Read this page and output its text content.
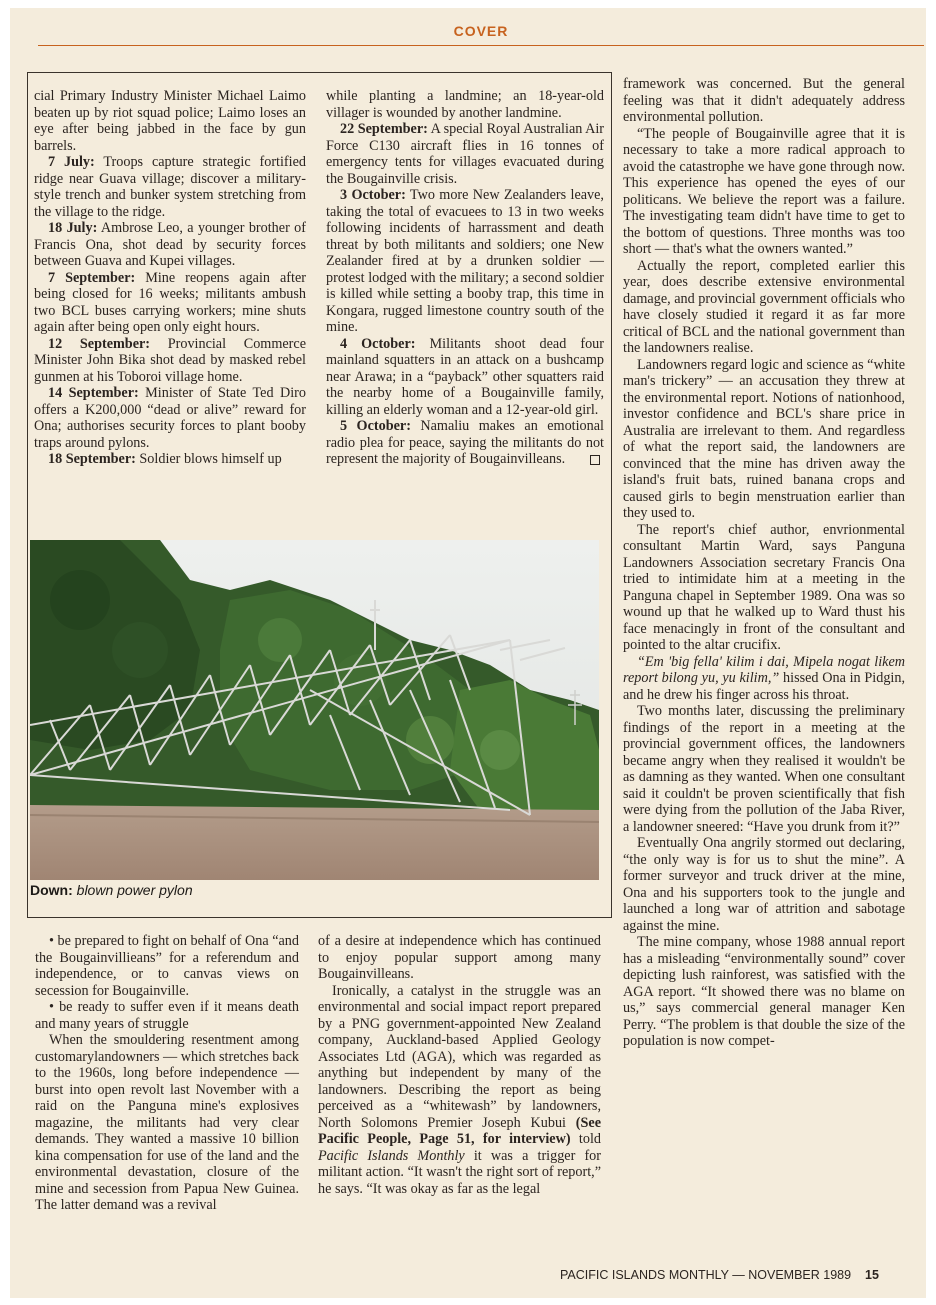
COVER

cial Primary Industry Minister Michael Laimo beaten up by riot squad police; Laimo loses an eye after being jabbed in the face by gun barrels.

7 July: Troops capture strategic fortified ridge near Guava village; discover a military-style trench and bunker system stretching from the village to the ridge.

18 July: Ambrose Leo, a younger brother of Francis Ona, shot dead by security forces between Guava and Kupei villages.

7 September: Mine reopens again after being closed for 16 weeks; militants ambush two BCL buses carrying workers; mine shuts again after being open only eight hours.

12 September: Provincial Commerce Minister John Bika shot dead by masked rebel gunmen at his Toboroi village home.

14 September: Minister of State Ted Diro offers a K200,000 “dead or alive” reward for Ona; authorises security forces to plant booby traps around pylons.

18 September: Soldier blows himself up

while planting a landmine; an 18-year-old villager is wounded by another landmine.

22 September: A special Royal Australian Air Force C130 aircraft flies in 16 tonnes of emergency tents for villages evacuated during the Bougainville crisis.

3 October: Two more New Zealanders leave, taking the total of evacuees to 13 in two weeks following incidents of harrassment and death threat by both militants and soldiers; one New Zealander fired at by a drunken soldier — protest lodged with the military; a second soldier is killed while setting a booby trap, this time in Kongara, rugged limestone country south of the mine.

4 October: Militants shoot dead four mainland squatters in an attack on a bushcamp near Arawa; in a “payback” other squatters raid the nearby home of a Bougainville family, killing an elderly woman and a 12-year-old girl.

5 October: Namaliu makes an emotional radio plea for peace, saying the militants do not represent the majority of Bougainvilleans.

Down: blown power pylon

framework was concerned. But the general feeling was that it didn't adequately address environmental pollution.

“The people of Bougainville agree that it is necessary to take a more radical approach to avoid the catastrophe we have gone through now. This experience has opened the eyes of our politicans. We believe the report was a failure. The investigating team didn't have time to get to the bottom of questions. Three months was too short — that's what the owners wanted.”

Actually the report, completed earlier this year, does describe extensive environmental damage, and provincial government officials who have closely studied it regard it as far more critical of BCL and the national government than the landowners realise.

Landowners regard logic and science as “white man's trickery” — an accusation they threw at the environmental report. Notions of nationhood, investor confidence and BCL's share price in Australia are irrelevant to them. And regardless of what the report said, the landowners are convinced that the mine has driven away the island's fruit bats, ruined banana crops and caused girls to begin menstruation earlier than they used to.

The report's chief author, envrionmental consultant Martin Ward, says Panguna Landowners Association secretary Francis Ona tried to intimidate him at a meeting in the Panguna chapel in September 1989. Ona was so wound up that he walked up to Ward thust his face menacingly in front of the consultant and pointed to the altar crucifix.

“Em 'big fella' kilim i dai, Mipela nogat likem report bilong yu, yu kilim,” hissed Ona in Pidgin, and he drew his finger across his throat.

Two months later, discussing the preliminary findings of the report in a meeting at the provincial government offices, the landowners became angry when they realised it wouldn't be as damning as they wanted. When one consultant said it couldn't be proven scientifically that fish were dying from the pollution of the Jaba River, a landowner sneered: “Have you drunk from it?”

Eventually Ona angrily stormed out declaring, “the only way is for us to shut the mine”. A former surveyor and truck driver at the mine, Ona and his supporters took to the jungle and launched a long war of attrition and sabotage against the mine.

The mine company, whose 1988 annual report has a misleading “environmentally sound” cover depicting lush rainforest, was satisfied with the AGA report. “It showed there was no blame on us,” says commercial general manager Ken Perry. “The problem is that double the size of the population is now compet-

• be prepared to fight on behalf of Ona “and the Bougainvillieans” for a referendum and independence, or to canvas views on secession for Bougainville.

• be ready to suffer even if it means death and many years of struggle

When the smouldering resentment among customarylandowners — which stretches back to the 1960s, long before independence — burst into open revolt last November with a raid on the Panguna mine's explosives magazine, the militants had very clear demands. They wanted a massive 10 billion kina compensation for use of the land and the environmental devastation, closure of the mine and secession from Papua New Guinea. The latter demand was a revival

of a desire at independence which has continued to enjoy popular support among many Bougainvilleans.

Ironically, a catalyst in the struggle was an environmental and social impact report prepared by a PNG government-appointed New Zealand company, Auckland-based Applied Geology Associates Ltd (AGA), which was regarded as anything but independent by many of the landowners. Describing the report as being perceived as a “whitewash” by landowners, North Solomons Premier Joseph Kubui (See Pacific People, Page 51, for interview) told Pacific Islands Monthly it was a trigger for militant action. “It wasn't the right sort of report,” he says. “It was okay as far as the legal

PACIFIC ISLANDS MONTHLY — NOVEMBER 1989 15
